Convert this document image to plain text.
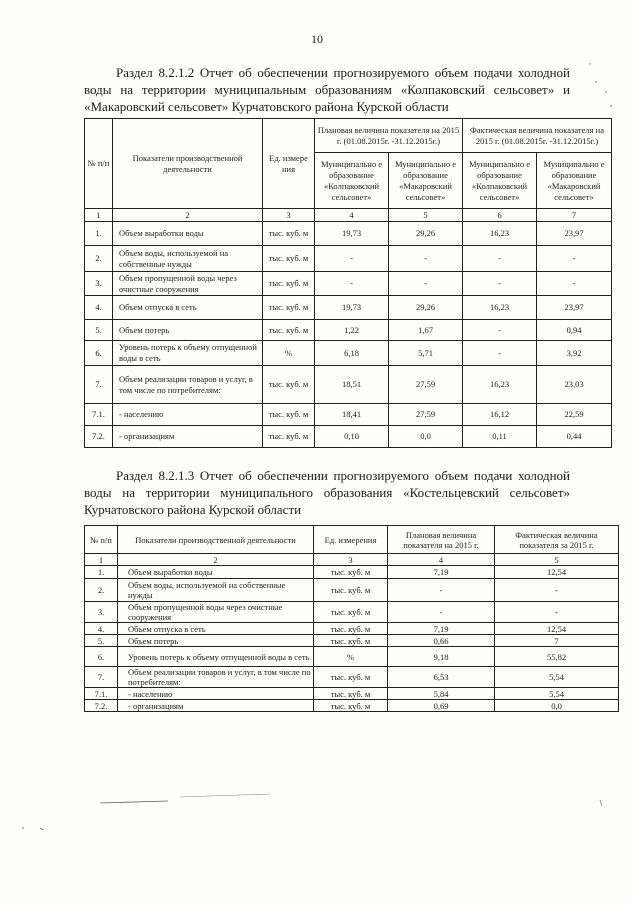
10
Раздел 8.2.1.2 Отчет об обеспечении прогнозируемого объем подачи холодной воды на территории муниципальным образованиям «Колпаковский сельсовет» и «Макаровский сельсовет» Курчатовского района Курской области
№ п/п	Показатели производственной деятельности	Ед. измере ния	Плановая величина показателя на 2015 г. (01.08.2015г. -31.12.2015г.)		Фактическая величина показателя на 2015 г. (01.08.2015г. -31.12.2015г.)	
			Муниципально е образование «Колпаковский сельсовет»	Муниципально е образование «Макаровский сельсовет»	Муниципально е образование «Колпаковский сельсовет»	Муниципально е образование «Макаровский сельсовет»
1	2	3	4	5	6	7
1.	Объем выработки воды	тыс. куб. м	19,73	29,26	16,23	23,97
2.	Объем воды, используемой на собственные нужды	тыс. куб. м	-	-	-	-
3.	Объем пропущенной воды через очистные сооружения	тыс. куб. м	-	-	-	-
4.	Объем отпуска в сеть	тыс. куб. м	19,73	29,26	16,23	23,97
5.	Объем потерь	тыс. куб. м	1,22	1,67	-	0,94
6.	Уровень потерь к объему отпущенной воды в сеть	%	6,18	5,71	-	3,92
7.	Объем реализации товаров и услуг, в том числе по потребителям:	тыс. куб. м	18,51	27,59	16,23	23,03
7.1.	- населению	тыс. куб. м	18,41	27,59	16,12	22,59
7.2.	- организациям	тыс. куб. м	0,10	0,0	0,11	0,44
Раздел 8.2.1.3 Отчет об обеспечении прогнозируемого объем подачи холодной воды на территории муниципального образования «Костельцевский сельсовет» Курчатовского района Курской области
№ п/п	Показатели производственной деятельности	Ед. измерения	Плановая величина показателя на 2015 г.	Фактическая величина показателя за 2015 г.
1	2	3	4	5
1.	Объем выработки воды	тыс. куб. м	7,19	12,54
2.	Объем воды, используемой на собственные нужды	тыс. куб. м	-	-
3.	Объем пропущенной воды через очистные сооружения	тыс. куб. м	-	-
4.	Объем отпуска в сеть	тыс. куб. м	7,19	12,54
5.	Объем потерь	тыс. куб. м	0,66	7
6.	Уровень потерь к объему отпущенной воды в сеть	%	9,18	55,82
7.	Объем реализации товаров и услуг, в том числе по потребителям:	тыс. куб. м	6,53	5,54
7.1.	- населению	тыс. куб. м	5,84	5,54
7.2.	- организациям	тыс. куб. м	0,69	0,0
